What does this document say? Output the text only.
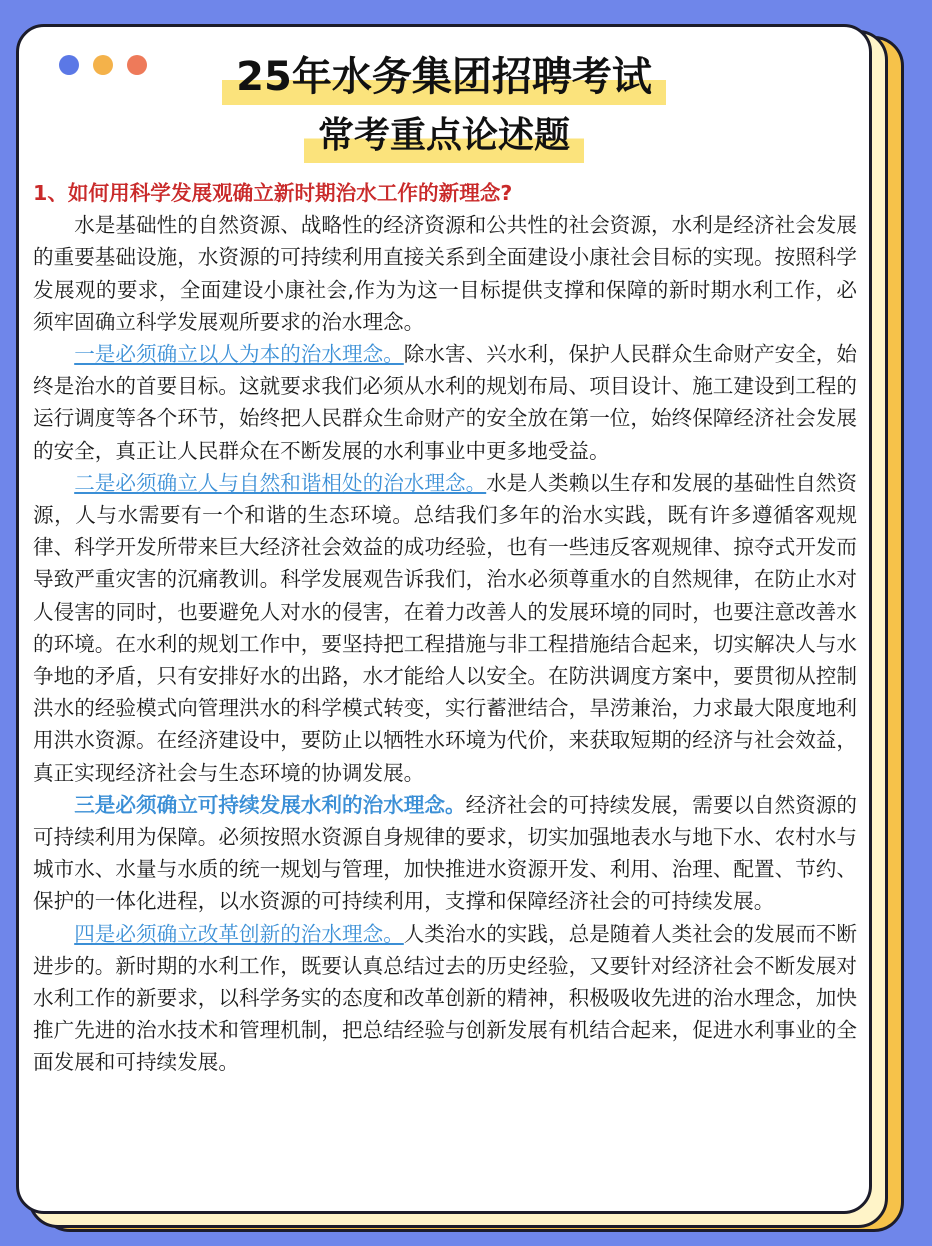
25年水务集团招聘考试
常考重点论述题

1、如何用科学发展观确立新时期治水工作的新理念?

水是基础性的自然资源、战略性的经济资源和公共性的社会资源，水利是经济社会发展的重要基础设施，水资源的可持续利用直接关系到全面建设小康社会目标的实现。按照科学发展观的要求，全面建设小康社会,作为为这一目标提供支撑和保障的新时期水利工作，必须牢固确立科学发展观所要求的治水理念。

一是必须确立以人为本的治水理念。除水害、兴水利，保护人民群众生命财产安全，始终是治水的首要目标。这就要求我们必须从水利的规划布局、项目设计、施工建设到工程的运行调度等各个环节，始终把人民群众生命财产的安全放在第一位，始终保障经济社会发展的安全，真正让人民群众在不断发展的水利事业中更多地受益。

二是必须确立人与自然和谐相处的治水理念。水是人类赖以生存和发展的基础性自然资源，人与水需要有一个和谐的生态环境。总结我们多年的治水实践，既有许多遵循客观规律、科学开发所带来巨大经济社会效益的成功经验，也有一些违反客观规律、掠夺式开发而导致严重灾害的沉痛教训。科学发展观告诉我们，治水必须尊重水的自然规律，在防止水对人侵害的同时，也要避免人对水的侵害，在着力改善人的发展环境的同时，也要注意改善水的环境。在水利的规划工作中，要坚持把工程措施与非工程措施结合起来，切实解决人与水争地的矛盾，只有安排好水的出路，水才能给人以安全。在防洪调度方案中，要贯彻从控制洪水的经验模式向管理洪水的科学模式转变，实行蓄泄结合，旱涝兼治，力求最大限度地利用洪水资源。在经济建设中，要防止以牺牲水环境为代价，来获取短期的经济与社会效益，真正实现经济社会与生态环境的协调发展。

三是必须确立可持续发展水利的治水理念。经济社会的可持续发展，需要以自然资源的可持续利用为保障。必须按照水资源自身规律的要求，切实加强地表水与地下水、农村水与城市水、水量与水质的统一规划与管理，加快推进水资源开发、利用、治理、配置、节约、保护的一体化进程，以水资源的可持续利用，支撑和保障经济社会的可持续发展。

四是必须确立改革创新的治水理念。人类治水的实践，总是随着人类社会的发展而不断进步的。新时期的水利工作，既要认真总结过去的历史经验，又要针对经济社会不断发展对水利工作的新要求，以科学务实的态度和改革创新的精神，积极吸收先进的治水理念，加快推广先进的治水技术和管理机制，把总结经验与创新发展有机结合起来，促进水利事业的全面发展和可持续发展。
